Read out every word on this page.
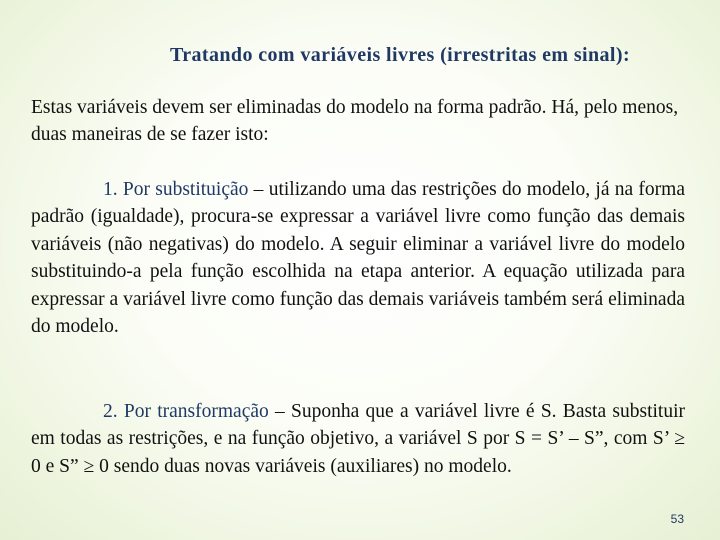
Tratando com variáveis livres (irrestritas em sinal):
Estas variáveis devem ser eliminadas do modelo na forma padrão. Há, pelo menos, duas maneiras de se fazer isto:
1. Por substituição – utilizando uma das restrições do modelo, já na forma padrão (igualdade), procura-se expressar a variável livre como função das demais variáveis (não negativas) do modelo. A seguir eliminar a variável livre do modelo substituindo-a pela função escolhida na etapa anterior. A equação utilizada para expressar a variável livre como função das demais variáveis também será eliminada do modelo.
2. Por transformação – Suponha que a variável livre é S. Basta substituir em todas as restrições, e na função objetivo, a variável S por S = S’ – S”, com S’ ≥ 0 e S” ≥ 0 sendo duas novas variáveis (auxiliares) no modelo.
53
